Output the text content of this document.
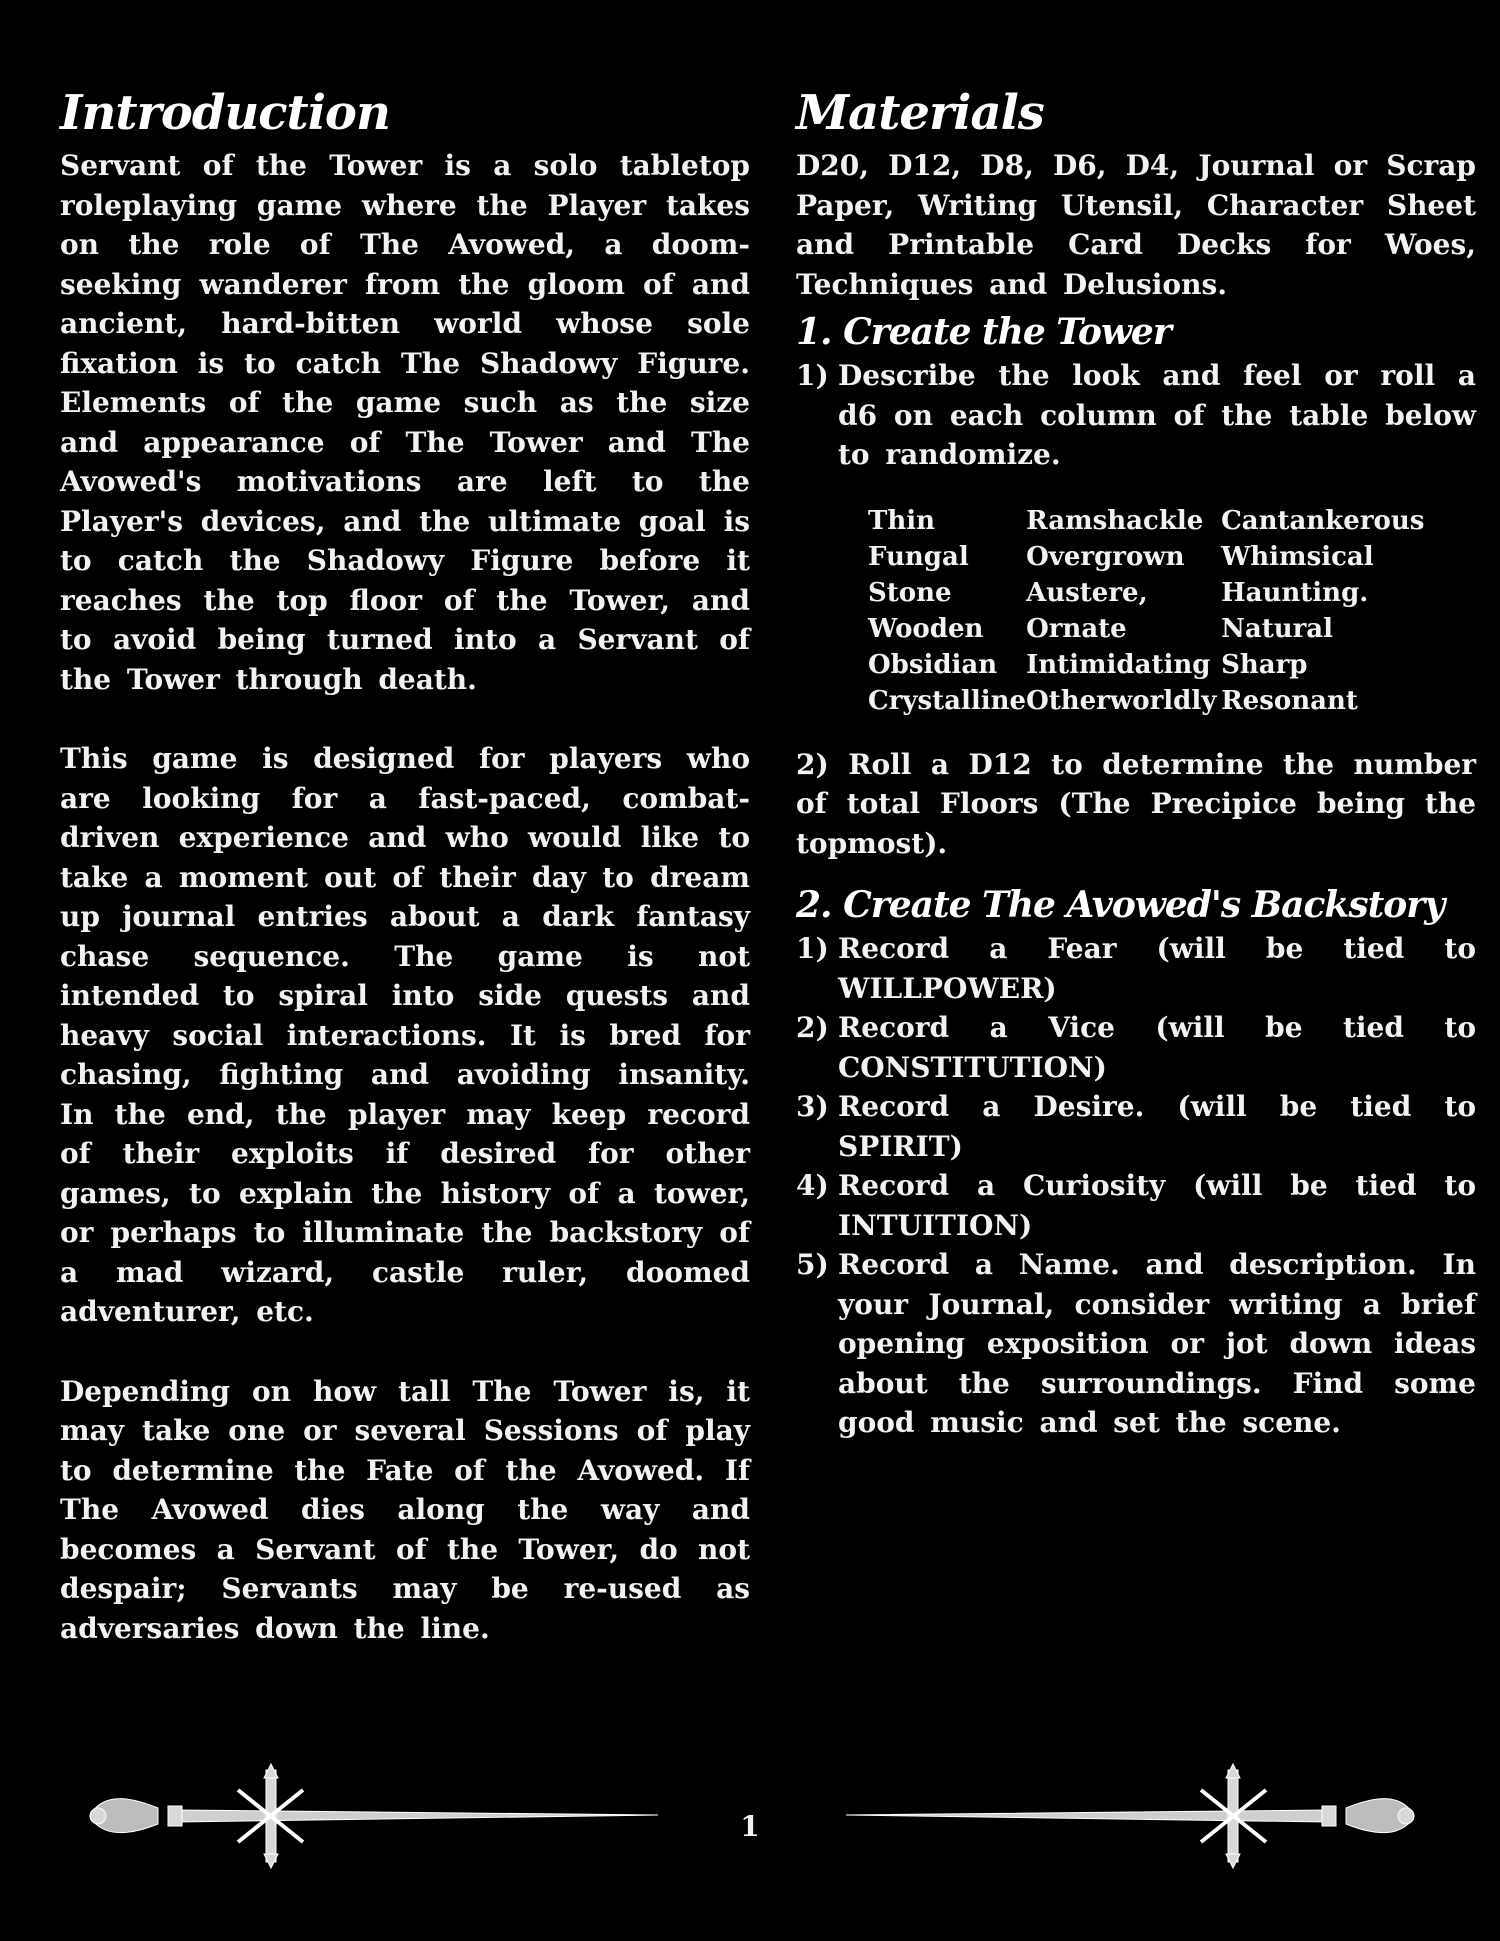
Introduction

Servant of the Tower is a solo tabletop roleplaying game where the Player takes on the role of The Avowed, a doom-seeking wanderer from the gloom of and ancient, hard-bitten world whose sole fixation is to catch The Shadowy Figure. Elements of the game such as the size and appearance of The Tower and The Avowed's motivations are left to the Player's devices, and the ultimate goal is to catch the Shadowy Figure before it reaches the top floor of the Tower, and to avoid being turned into a Servant of the Tower through death.

This game is designed for players who are looking for a fast-paced, combat-driven experience and who would like to take a moment out of their day to dream up journal entries about a dark fantasy chase sequence. The game is not intended to spiral into side quests and heavy social interactions. It is bred for chasing, fighting and avoiding insanity. In the end, the player may keep record of their exploits if desired for other games, to explain the history of a tower, or perhaps to illuminate the backstory of a mad wizard, castle ruler, doomed adventurer, etc.

Depending on how tall The Tower is, it may take one or several Sessions of play to determine the Fate of the Avowed. If The Avowed dies along the way and becomes a Servant of the Tower, do not despair; Servants may be re-used as adversaries down the line.

Materials

D20, D12, D8, D6, D4, Journal or Scrap Paper, Writing Utensil, Character Sheet and Printable Card Decks for Woes, Techniques and Delusions.

1. Create the Tower
1) Describe the look and feel or roll a d6 on each column of the table below to randomize.
Thin	Ramshackle	Cantankerous
Fungal	Overgrown	Whimsical
Stone	Austere,	Haunting.
Wooden	Ornate	Natural
Obsidian	Intimidating	Sharp
Crystalline	Otherworldly	Resonant
2) Roll a D12 to determine the number of total Floors (The Precipice being the topmost).
2. Create The Avowed's Backstory
1) Record a Fear (will be tied to WILLPOWER)
2) Record a Vice (will be tied to CONSTITUTION)
3) Record a Desire. (will be tied to SPIRIT)
4) Record a Curiosity (will be tied to INTUITION)
5) Record a Name. and description. In your Journal, consider writing a brief opening exposition or jot down ideas about the surroundings. Find some good music and set the scene.
1
